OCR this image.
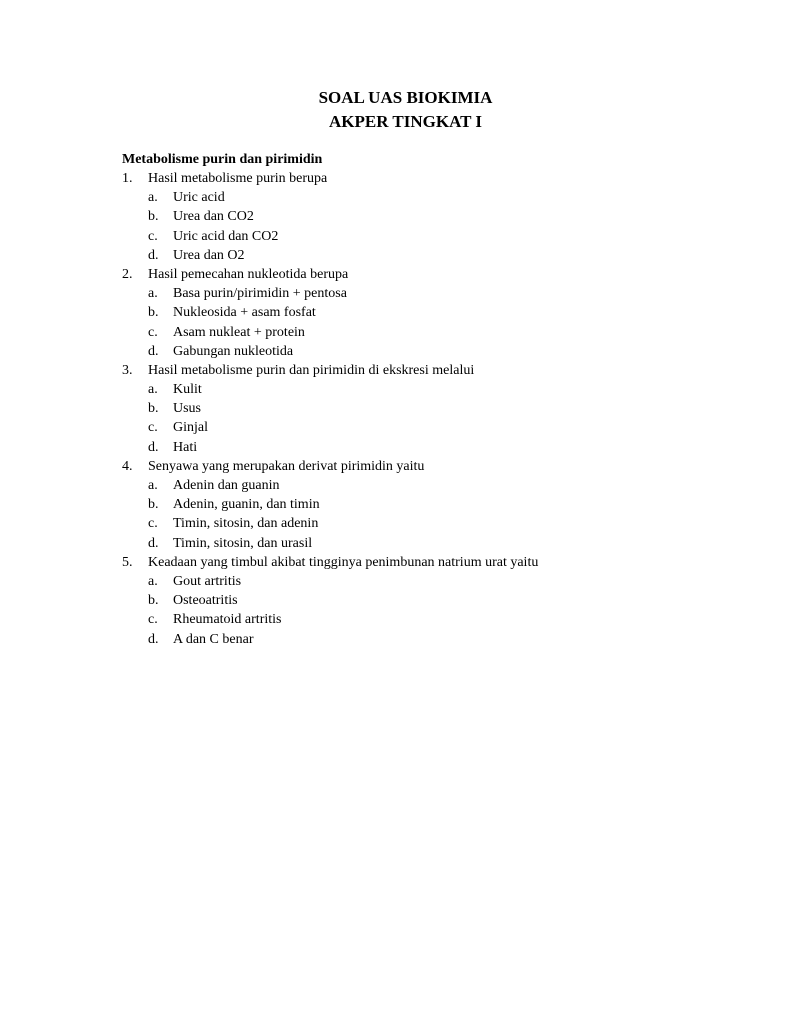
SOAL UAS BIOKIMIA
AKPER TINGKAT I
Metabolisme purin dan pirimidin
1.	Hasil metabolisme purin berupa
a.	Uric acid
b.	Urea dan CO2
c.	Uric acid dan CO2
d.	Urea dan O2
2.	Hasil pemecahan nukleotida berupa
a.	Basa purin/pirimidin + pentosa
b.	Nukleosida + asam fosfat
c.	Asam nukleat + protein
d.	Gabungan nukleotida
3.	Hasil metabolisme purin dan pirimidin di ekskresi melalui
a.	Kulit
b.	Usus
c.	Ginjal
d.	Hati
4.	Senyawa yang merupakan derivat pirimidin yaitu
a.	Adenin dan guanin
b.	Adenin, guanin, dan timin
c.	Timin, sitosin, dan adenin
d.	Timin, sitosin, dan urasil
5.	Keadaan yang timbul akibat tingginya penimbunan natrium urat yaitu
a.	Gout artritis
b.	Osteoatritis
c.	Rheumatoid artritis
d.	A dan C benar
